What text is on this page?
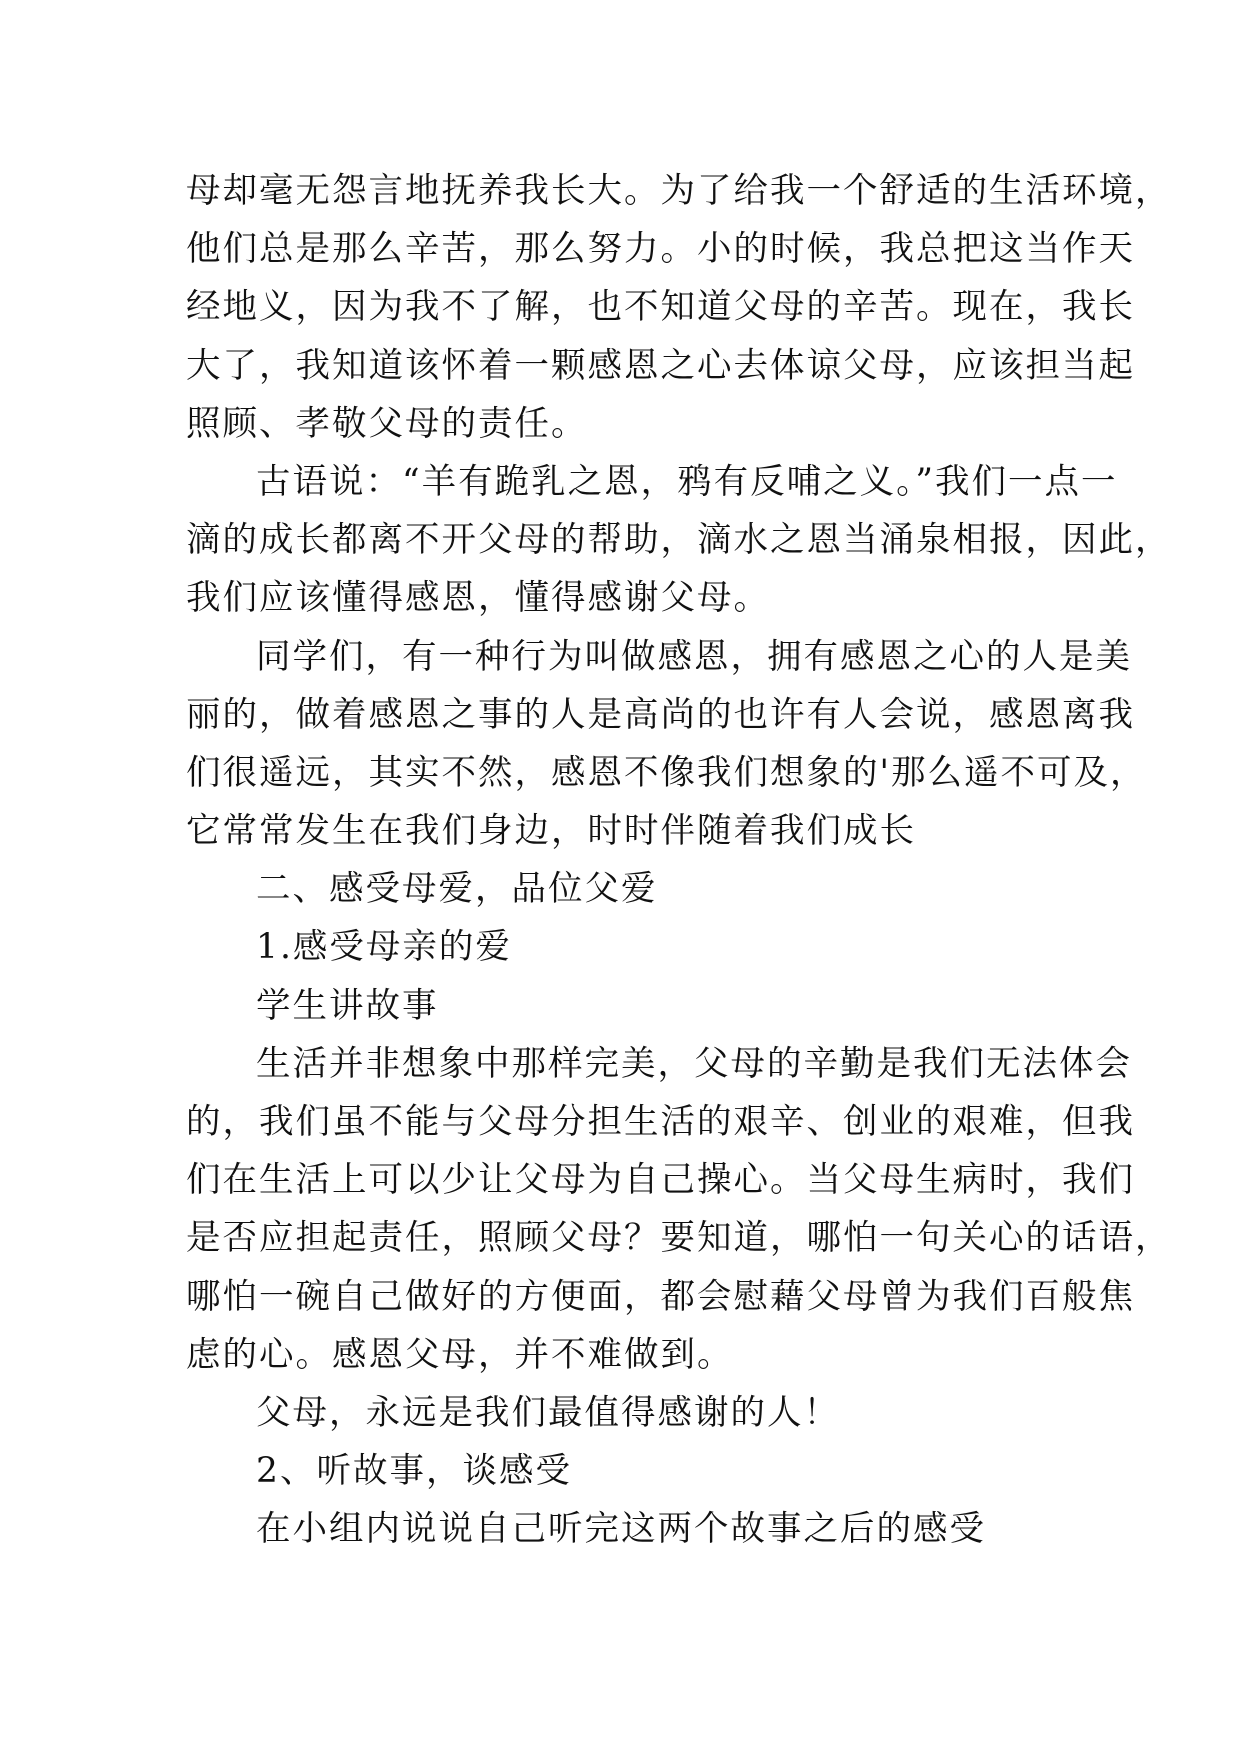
母却毫无怨言地抚养我长大。为了给我一个舒适的生活环境，
他们总是那么辛苦，那么努力。小的时候，我总把这当作天
经地义，因为我不了解，也不知道父母的辛苦。现在，我长
大了，我知道该怀着一颗感恩之心去体谅父母，应该担当起
照顾、孝敬父母的责任。
古语说：“羊有跪乳之恩，鸦有反哺之义。”我们一点一
滴的成长都离不开父母的帮助，滴水之恩当涌泉相报，因此，
我们应该懂得感恩，懂得感谢父母。
同学们，有一种行为叫做感恩，拥有感恩之心的人是美
丽的，做着感恩之事的人是高尚的也许有人会说，感恩离我
们很遥远，其实不然，感恩不像我们想象的'那么遥不可及，
它常常发生在我们身边，时时伴随着我们成长
二、感受母爱，品位父爱
1.感受母亲的爱
学生讲故事
生活并非想象中那样完美，父母的辛勤是我们无法体会
的，我们虽不能与父母分担生活的艰辛、创业的艰难，但我
们在生活上可以少让父母为自己操心。当父母生病时，我们
是否应担起责任，照顾父母？要知道，哪怕一句关心的话语，
哪怕一碗自己做好的方便面，都会慰藉父母曾为我们百般焦
虑的心。感恩父母，并不难做到。
父母，永远是我们最值得感谢的人！
2、听故事，谈感受
在小组内说说自己听完这两个故事之后的感受
